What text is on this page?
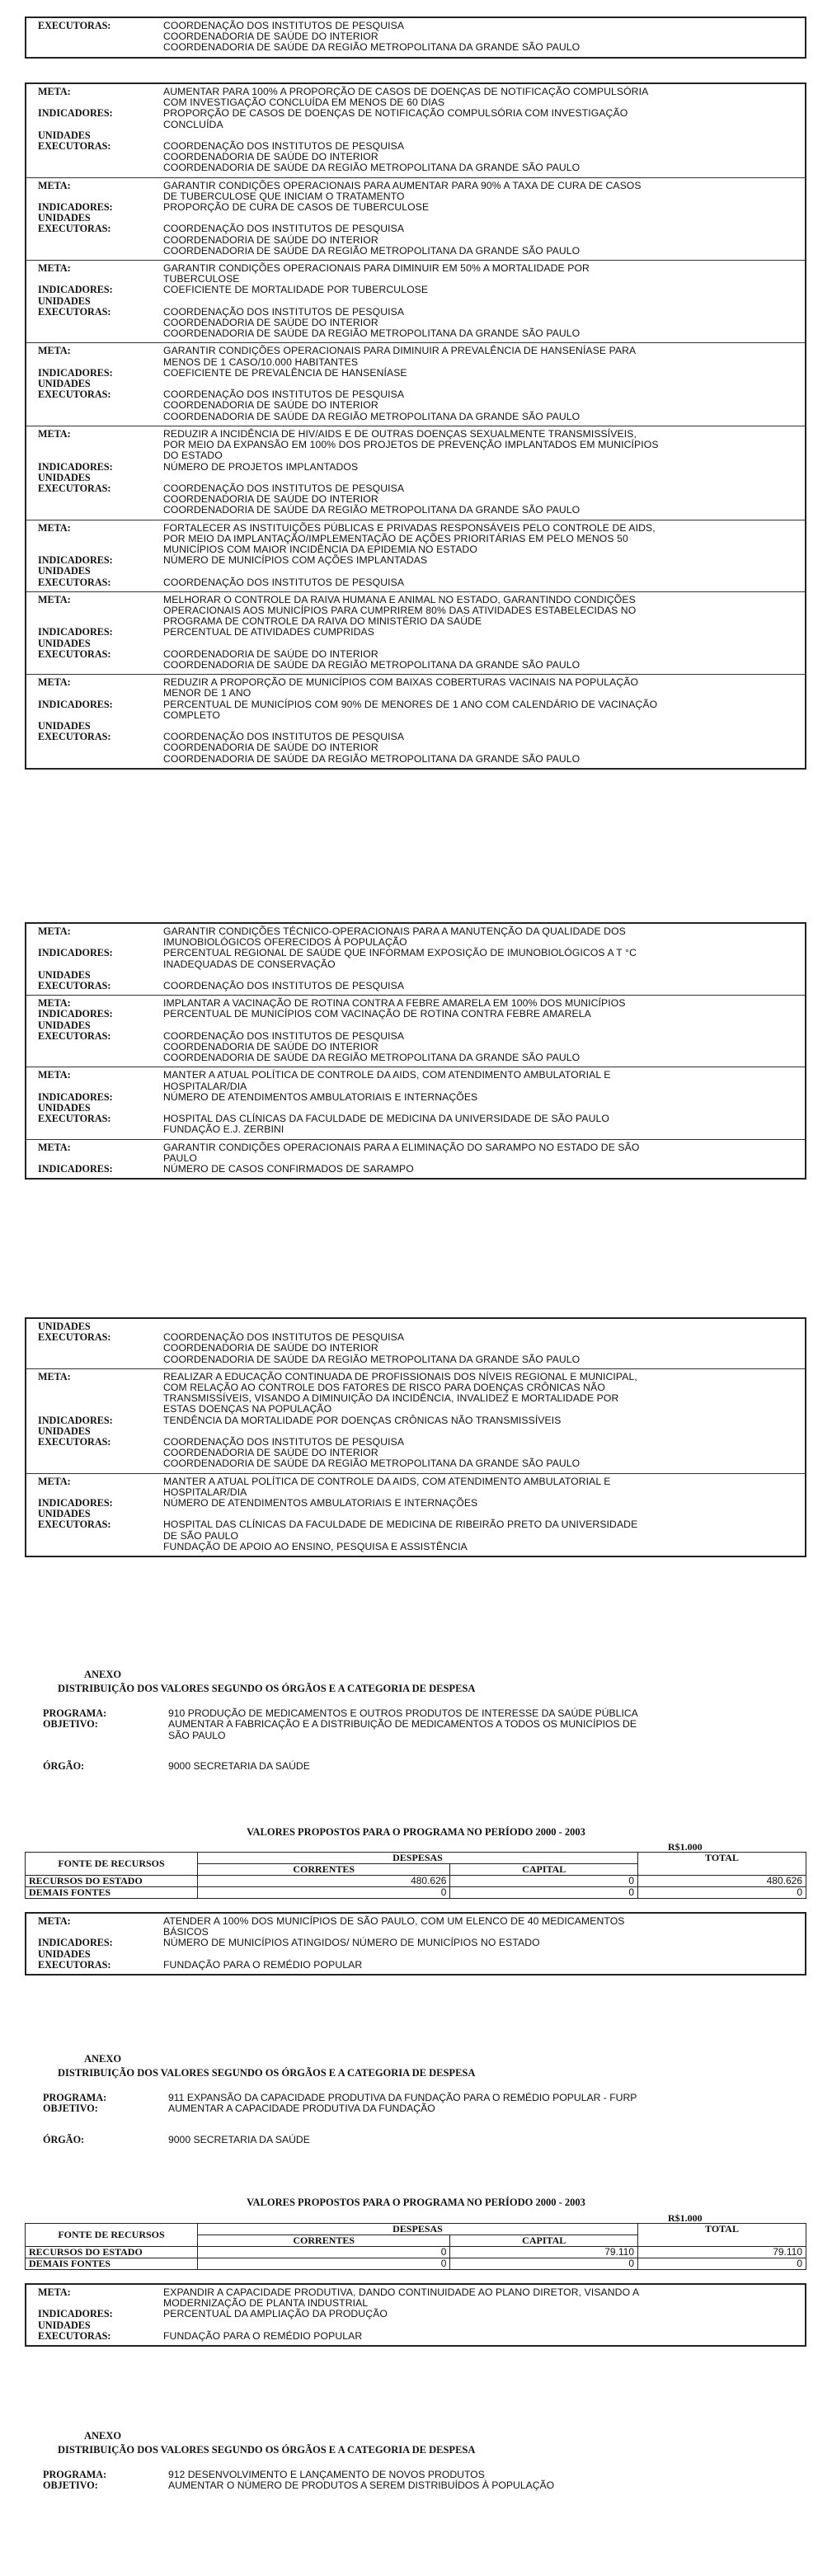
EXECUTORAS:	COORDENAÇÃO DOS INSTITUTOS DE PESQUISA
COORDENADORIA DE SAÚDE DO INTERIOR
COORDENADORIA DE SAÚDE DA REGIÃO METROPOLITANA DA GRANDE SÃO PAULO
META:	AUMENTAR PARA 100% A PROPORÇÃO DE CASOS DE DOENÇAS DE NOTIFICAÇÃO COMPULSÓRIA
COM INVESTIGAÇÃO CONCLUÍDA EM MENOS DE 60 DIAS
INDICADORES:	PROPORÇÃO DE CASOS DE DOENÇAS DE NOTIFICAÇÃO COMPULSÓRIA COM INVESTIGAÇÃO
CONCLUÍDA
UNIDADES
EXECUTORAS:	COORDENAÇÃO DOS INSTITUTOS DE PESQUISA
COORDENADORIA DE SAÚDE DO INTERIOR
COORDENADORIA DE SAÚDE DA REGIÃO METROPOLITANA DA GRANDE SÃO PAULO
META:	GARANTIR CONDIÇÕES OPERACIONAIS PARA AUMENTAR PARA 90% A TAXA DE CURA DE CASOS
DE TUBERCULOSE QUE INICIAM O TRATAMENTO
INDICADORES:	PROPORÇÃO DE CURA DE CASOS DE TUBERCULOSE
UNIDADES
EXECUTORAS:	COORDENAÇÃO DOS INSTITUTOS DE PESQUISA
COORDENADORIA DE SAÚDE DO INTERIOR
COORDENADORIA DE SAÚDE DA REGIÃO METROPOLITANA DA GRANDE SÃO PAULO
META:	GARANTIR CONDIÇÕES OPERACIONAIS PARA DIMINUIR EM 50% A MORTALIDADE POR
TUBERCULOSE
INDICADORES:	COEFICIENTE DE MORTALIDADE POR TUBERCULOSE
UNIDADES
EXECUTORAS:	COORDENAÇÃO DOS INSTITUTOS DE PESQUISA
COORDENADORIA DE SAÚDE DO INTERIOR
COORDENADORIA DE SAÚDE DA REGIÃO METROPOLITANA DA GRANDE SÃO PAULO
META:	GARANTIR CONDIÇÕES OPERACIONAIS PARA DIMINUIR A PREVALÊNCIA DE HANSENÍASE PARA
MENOS DE 1 CASO/10.000 HABITANTES
INDICADORES:	COEFICIENTE DE PREVALÊNCIA DE HANSENÍASE
UNIDADES
EXECUTORAS:	COORDENAÇÃO DOS INSTITUTOS DE PESQUISA
COORDENADORIA DE SAÚDE DO INTERIOR
COORDENADORIA DE SAÚDE DA REGIÃO METROPOLITANA DA GRANDE SÃO PAULO
META:	REDUZIR A INCIDÊNCIA DE HIV/AIDS E DE OUTRAS DOENÇAS SEXUALMENTE TRANSMISSÍVEIS,
POR MEIO DA EXPANSÃO EM 100% DOS PROJETOS DE PREVENÇÃO IMPLANTADOS EM MUNICÍPIOS
DO ESTADO
INDICADORES:	NÚMERO DE PROJETOS IMPLANTADOS
UNIDADES
EXECUTORAS:	COORDENAÇÃO DOS INSTITUTOS DE PESQUISA
COORDENADORIA DE SAÚDE DO INTERIOR
COORDENADORIA DE SAÚDE DA REGIÃO METROPOLITANA DA GRANDE SÃO PAULO
META:	FORTALECER AS INSTITUIÇÕES PÚBLICAS E PRIVADAS RESPONSÁVEIS PELO CONTROLE DE AIDS,
POR MEIO DA IMPLANTAÇÃO/IMPLEMENTAÇÃO DE AÇÕES PRIORITÁRIAS EM PELO MENOS 50
MUNICÍPIOS COM MAIOR INCIDÊNCIA DA EPIDEMIA NO ESTADO
INDICADORES:	NÚMERO DE MUNICÍPIOS COM AÇÕES IMPLANTADAS
UNIDADES
EXECUTORAS:	COORDENAÇÃO DOS INSTITUTOS DE PESQUISA
META:	MELHORAR O CONTROLE DA RAIVA HUMANA E ANIMAL NO ESTADO, GARANTINDO CONDIÇÕES
OPERACIONAIS AOS MUNICÍPIOS PARA CUMPRIREM 80% DAS ATIVIDADES ESTABELECIDAS NO
PROGRAMA DE CONTROLE DA RAIVA DO MINISTÉRIO DA SAÚDE
INDICADORES:	PERCENTUAL DE ATIVIDADES CUMPRIDAS
UNIDADES
EXECUTORAS:	COORDENADORIA DE SAÚDE DO INTERIOR
COORDENADORIA DE SAÚDE DA REGIÃO METROPOLITANA DA GRANDE SÃO PAULO
META:	REDUZIR A PROPORÇÃO DE MUNICÍPIOS COM BAIXAS COBERTURAS VACINAIS NA POPULAÇÃO
MENOR DE 1 ANO
INDICADORES:	PERCENTUAL DE MUNICÍPIOS COM 90% DE MENORES DE 1 ANO COM CALENDÁRIO DE VACINAÇÃO
COMPLETO
UNIDADES
EXECUTORAS:	COORDENAÇÃO DOS INSTITUTOS DE PESQUISA
COORDENADORIA DE SAÚDE DO INTERIOR
COORDENADORIA DE SAÚDE DA REGIÃO METROPOLITANA DA GRANDE SÃO PAULO
META:	GARANTIR CONDIÇÕES TÉCNICO-OPERACIONAIS PARA A MANUTENÇÃO DA QUALIDADE DOS
IMUNOBIOLÓGICOS OFERECIDOS À POPULAÇÃO
INDICADORES:	PERCENTUAL REGIONAL DE SAÚDE QUE INFORMAM EXPOSIÇÃO DE IMUNOBIOLÓGICOS A T °C
INADEQUADAS DE CONSERVAÇÃO
UNIDADES
EXECUTORAS:	COORDENAÇÃO DOS INSTITUTOS DE PESQUISA
META:	IMPLANTAR A VACINAÇÃO DE ROTINA CONTRA A FEBRE AMARELA EM 100% DOS MUNICÍPIOS
INDICADORES:	PERCENTUAL DE MUNICÍPIOS COM VACINAÇÃO DE ROTINA CONTRA FEBRE AMARELA
UNIDADES
EXECUTORAS:	COORDENAÇÃO DOS INSTITUTOS DE PESQUISA
COORDENADORIA DE SAÚDE DO INTERIOR
COORDENADORIA DE SAÚDE DA REGIÃO METROPOLITANA DA GRANDE SÃO PAULO
META:	MANTER A ATUAL POLÍTICA DE CONTROLE DA AIDS, COM ATENDIMENTO AMBULATORIAL E
HOSPITALAR/DIA
INDICADORES:	NÚMERO DE ATENDIMENTOS AMBULATORIAIS E INTERNAÇÕES
UNIDADES
EXECUTORAS:	HOSPITAL DAS CLÍNICAS DA FACULDADE DE MEDICINA DA UNIVERSIDADE DE SÃO PAULO
FUNDAÇÃO E.J. ZERBINI
META:	GARANTIR CONDIÇÕES OPERACIONAIS PARA A ELIMINAÇÃO DO SARAMPO NO ESTADO DE SÃO
PAULO
INDICADORES:	NÚMERO DE CASOS CONFIRMADOS DE SARAMPO
UNIDADES
EXECUTORAS:	COORDENAÇÃO DOS INSTITUTOS DE PESQUISA
COORDENADORIA DE SAÚDE DO INTERIOR
COORDENADORIA DE SAÚDE DA REGIÃO METROPOLITANA DA GRANDE SÃO PAULO
META:	REALIZAR A EDUCAÇÃO CONTINUADA DE PROFISSIONAIS DOS NÍVEIS REGIONAL E MUNICIPAL,
COM RELAÇÃO AO CONTROLE DOS FATORES DE RISCO PARA DOENÇAS CRÔNICAS NÃO
TRANSMISSÍVEIS, VISANDO A DIMINUIÇÃO DA INCIDÊNCIA, INVALIDEZ E MORTALIDADE POR
ESTAS DOENÇAS NA POPULAÇÃO
INDICADORES:	TENDÊNCIA DA MORTALIDADE POR DOENÇAS CRÔNICAS NÃO TRANSMISSÍVEIS
UNIDADES
EXECUTORAS:	COORDENAÇÃO DOS INSTITUTOS DE PESQUISA
COORDENADORIA DE SAÚDE DO INTERIOR
COORDENADORIA DE SAÚDE DA REGIÃO METROPOLITANA DA GRANDE SÃO PAULO
META:	MANTER A ATUAL POLÍTICA DE CONTROLE DA AIDS, COM ATENDIMENTO AMBULATORIAL E
HOSPITALAR/DIA
INDICADORES:	NÚMERO DE ATENDIMENTOS AMBULATORIAIS E INTERNAÇÕES
UNIDADES
EXECUTORAS:	HOSPITAL DAS CLÍNICAS DA FACULDADE DE MEDICINA DE RIBEIRÃO PRETO DA UNIVERSIDADE
DE SÃO PAULO
FUNDAÇÃO DE APOIO AO ENSINO, PESQUISA E ASSISTÊNCIA
ANEXO
DISTRIBUIÇÃO DOS VALORES SEGUNDO OS ÓRGÃOS E A CATEGORIA DE DESPESA
PROGRAMA:	910 PRODUÇÃO DE MEDICAMENTOS E OUTROS PRODUTOS DE INTERESSE DA SAÚDE PÚBLICA
OBJETIVO:	AUMENTAR A FABRICAÇÃO E A DISTRIBUIÇÃO DE MEDICAMENTOS A TODOS OS MUNICÍPIOS DE
SÃO PAULO
ÓRGÃO:	9000 SECRETARIA DA SAÚDE
VALORES PROPOSTOS PARA O PROGRAMA NO PERÍODO 2000 - 2003
R$1.000
FONTE DE RECURSOS	DESPESAS		TOTAL
	CORRENTES	CAPITAL	
RECURSOS DO ESTADO	480.626	0	480.626
DEMAIS FONTES	0	0	0
META:	ATENDER A 100% DOS MUNICÍPIOS DE SÃO PAULO, COM UM ELENCO DE 40 MEDICAMENTOS
BÁSICOS
INDICADORES:	NÚMERO DE MUNICÍPIOS ATINGIDOS/ NÚMERO DE MUNICÍPIOS NO ESTADO
UNIDADES
EXECUTORAS:	FUNDAÇÃO PARA O REMÉDIO POPULAR
ANEXO
DISTRIBUIÇÃO DOS VALORES SEGUNDO OS ÓRGÃOS E A CATEGORIA DE DESPESA
PROGRAMA:	911 EXPANSÃO DA CAPACIDADE PRODUTIVA DA FUNDAÇÃO PARA O REMÉDIO POPULAR - FURP
OBJETIVO:	AUMENTAR A CAPACIDADE PRODUTIVA DA FUNDAÇÃO
ÓRGÃO:	9000 SECRETARIA DA SAÚDE
VALORES PROPOSTOS PARA O PROGRAMA NO PERÍODO 2000 - 2003
R$1.000
FONTE DE RECURSOS	DESPESAS		TOTAL
	CORRENTES	CAPITAL	
RECURSOS DO ESTADO	0	79.110	79.110
DEMAIS FONTES	0	0	0
META:	EXPANDIR A CAPACIDADE PRODUTIVA, DANDO CONTINUIDADE AO PLANO DIRETOR, VISANDO A
MODERNIZAÇÃO DE PLANTA INDUSTRIAL
INDICADORES:	PERCENTUAL DA AMPLIAÇÃO DA PRODUÇÃO
UNIDADES
EXECUTORAS:	FUNDAÇÃO PARA O REMÉDIO POPULAR
ANEXO
DISTRIBUIÇÃO DOS VALORES SEGUNDO OS ÓRGÃOS E A CATEGORIA DE DESPESA
PROGRAMA:	912 DESENVOLVIMENTO E LANÇAMENTO DE NOVOS PRODUTOS
OBJETIVO:	AUMENTAR O NÚMERO DE PRODUTOS A SEREM DISTRIBUÍDOS À POPULAÇÃO
